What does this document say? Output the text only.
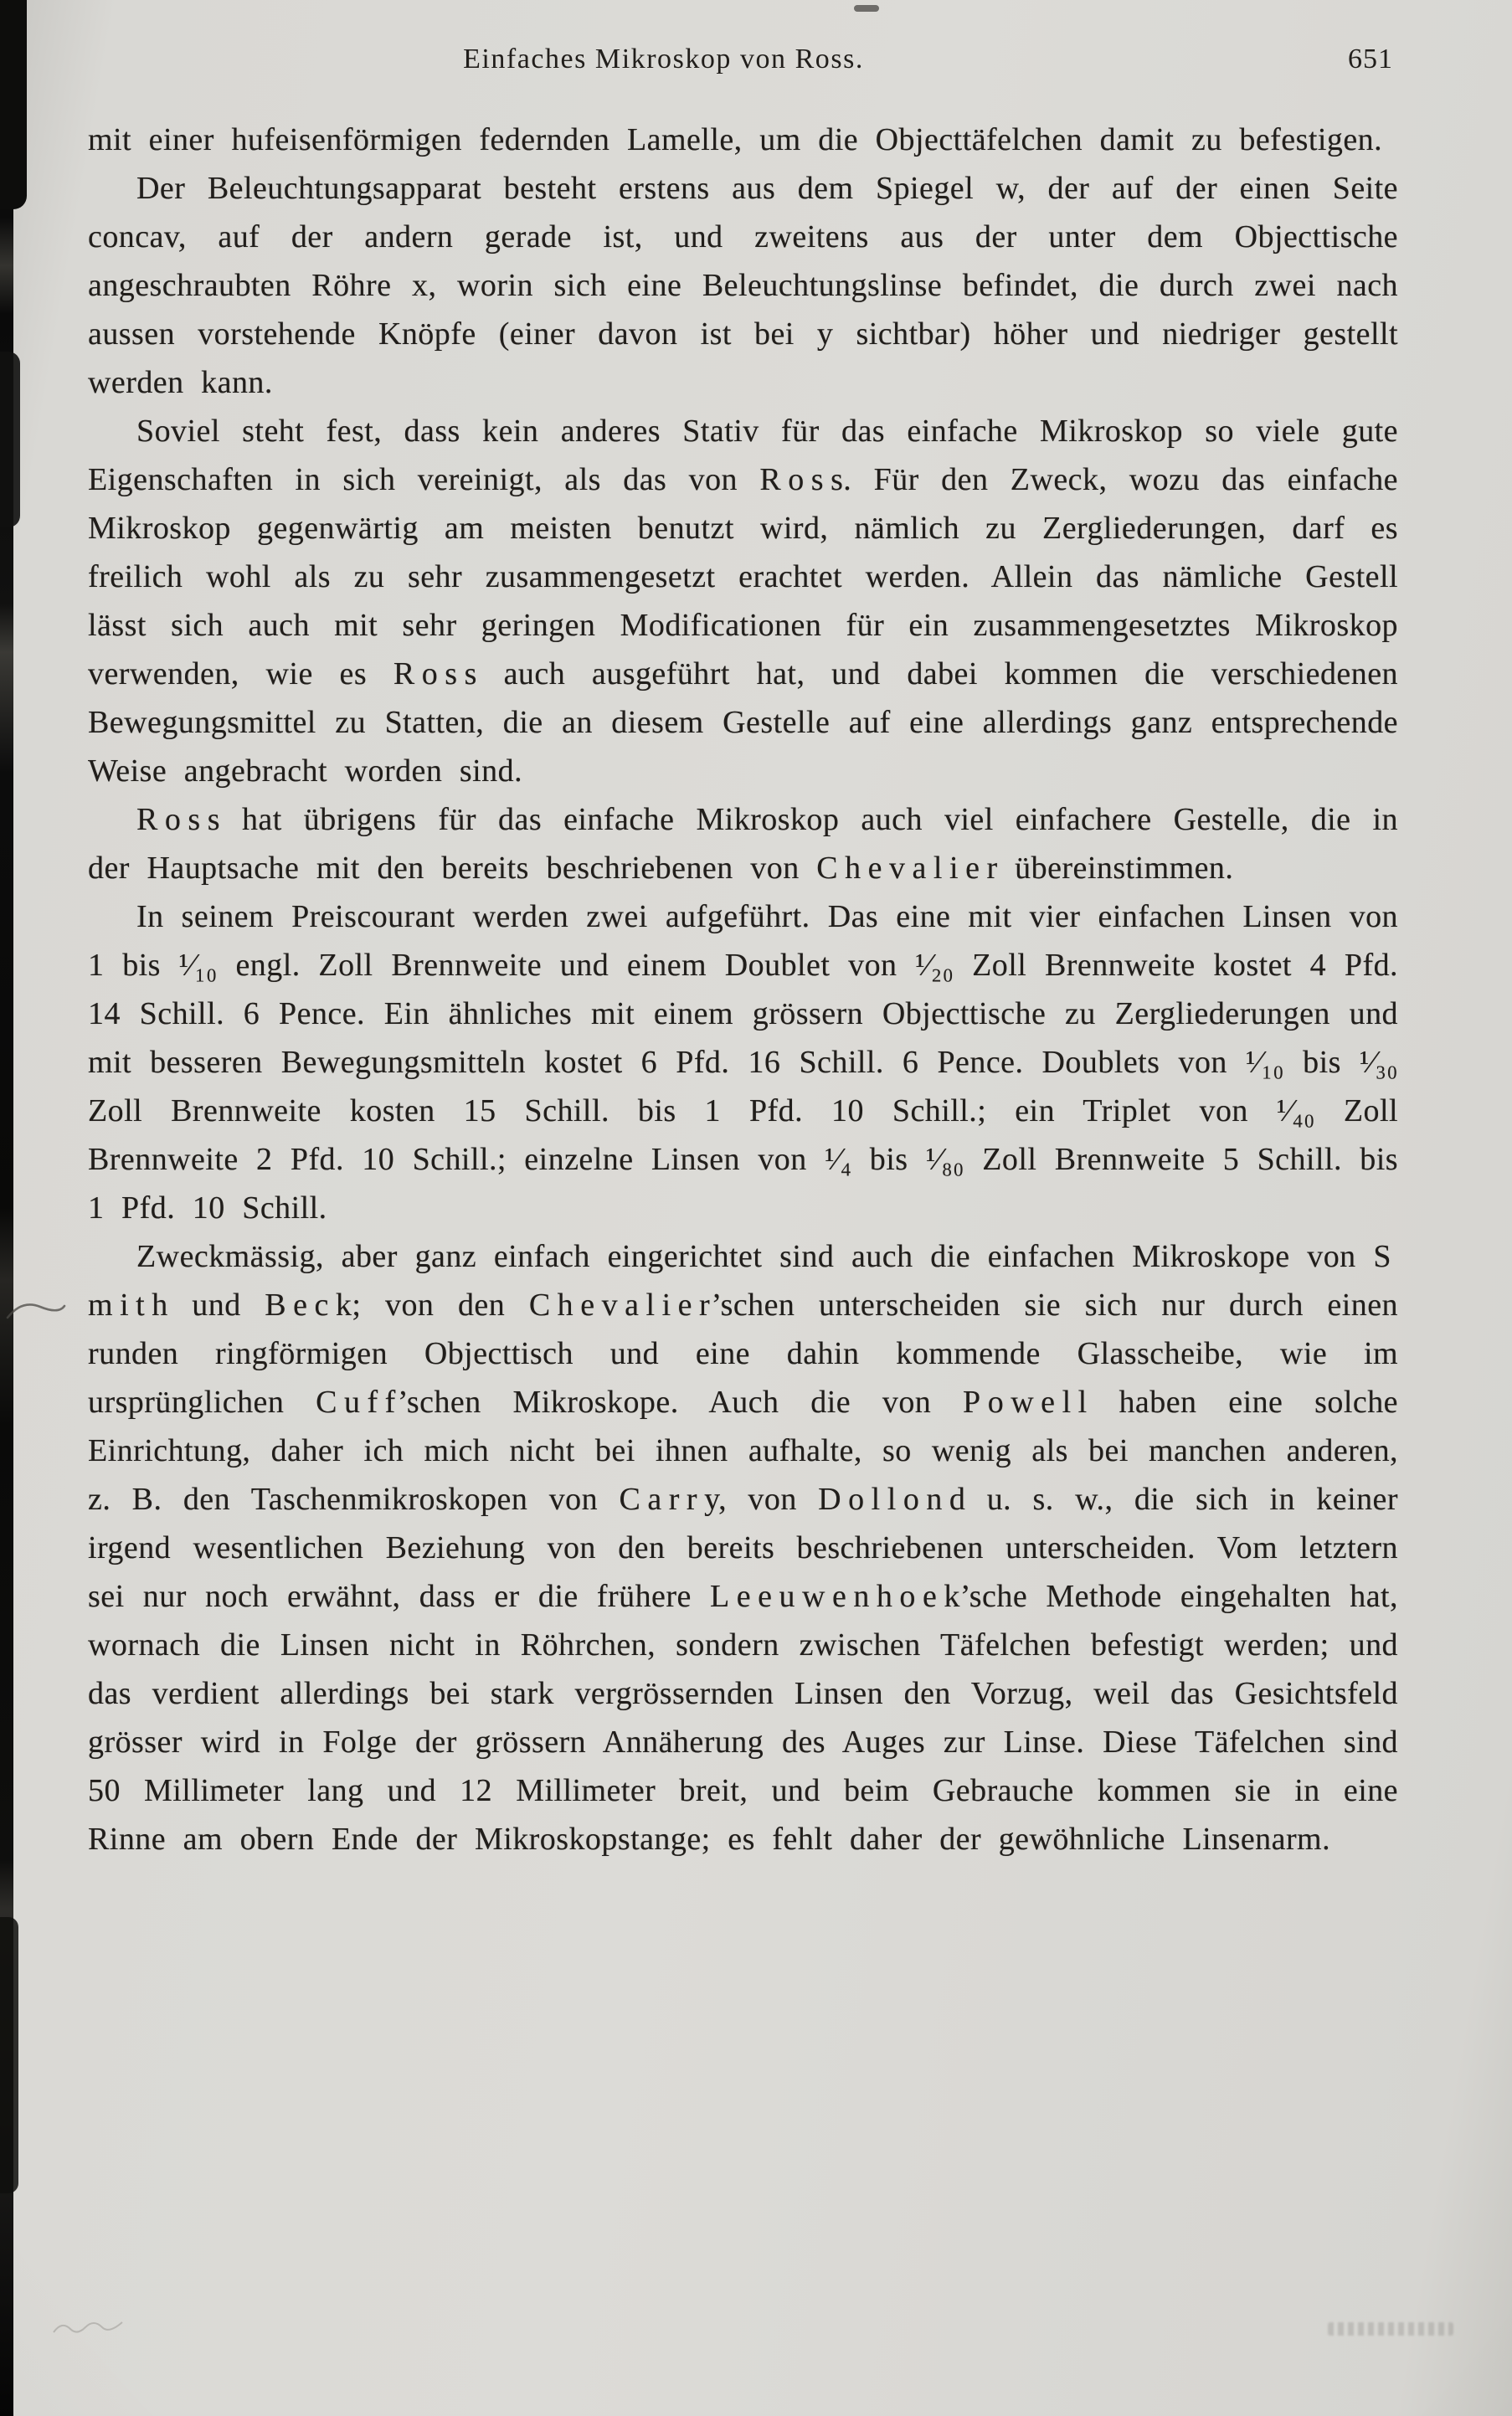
Einfaches Mikroskop von Ross.	651

mit einer hufeisenförmigen federnden Lamelle, um die Objecttäfelchen damit zu befestigen.

Der Beleuchtungsapparat besteht erstens aus dem Spiegel w, der auf der einen Seite concav, auf der andern gerade ist, und zweitens aus der unter dem Objecttische angeschraubten Röhre x, worin sich eine Beleuchtungslinse befindet, die durch zwei nach aussen vorstehende Knöpfe (einer davon ist bei y sichtbar) höher und niedriger gestellt werden kann.

Soviel steht fest, dass kein anderes Stativ für das einfache Mikroskop so viele gute Eigenschaften in sich vereinigt, als das von R o s s. Für den Zweck, wozu das einfache Mikroskop gegenwärtig am meisten benutzt wird, nämlich zu Zergliederungen, darf es freilich wohl als zu sehr zusammengesetzt erachtet werden. Allein das nämliche Gestell lässt sich auch mit sehr geringen Modificationen für ein zusammengesetztes Mikroskop verwenden, wie es R o s s auch ausgeführt hat, und dabei kommen die verschiedenen Bewegungsmittel zu Statten, die an diesem Gestelle auf eine allerdings ganz entsprechende Weise angebracht worden sind.

R o s s hat übrigens für das einfache Mikroskop auch viel einfachere Gestelle, die in der Hauptsache mit den bereits beschriebenen von C h e v a l i e r übereinstimmen.

In seinem Preiscourant werden zwei aufgeführt. Das eine mit vier einfachen Linsen von 1 bis ¹⁄₁₀ engl. Zoll Brennweite und einem Doublet von ¹⁄₂₀ Zoll Brennweite kostet 4 Pfd. 14 Schill. 6 Pence. Ein ähnliches mit einem grössern Objecttische zu Zergliederungen und mit besseren Bewegungsmitteln kostet 6 Pfd. 16 Schill. 6 Pence. Doublets von ¹⁄₁₀ bis ¹⁄₃₀ Zoll Brennweite kosten 15 Schill. bis 1 Pfd. 10 Schill.; ein Triplet von ¹⁄₄₀ Zoll Brennweite 2 Pfd. 10 Schill.; einzelne Linsen von ¹⁄₄ bis ¹⁄₈₀ Zoll Brennweite 5 Schill. bis 1 Pfd. 10 Schill.

Zweckmässig, aber ganz einfach eingerichtet sind auch die einfachen Mikroskope von S m i t h und B e c k; von den C h e v a l i e r’schen unterscheiden sie sich nur durch einen runden ringförmigen Objecttisch und eine dahin kommende Glasscheibe, wie im ursprünglichen C u f f’schen Mikroskope. Auch die von P o w e l l haben eine solche Einrichtung, daher ich mich nicht bei ihnen aufhalte, so wenig als bei manchen anderen, z. B. den Taschenmikroskopen von C a r r y, von D o l l o n d u. s. w., die sich in keiner irgend wesentlichen Beziehung von den bereits beschriebenen unterscheiden. Vom letztern sei nur noch erwähnt, dass er die frühere L e e u w e n h o e k’sche Methode eingehalten hat, wornach die Linsen nicht in Röhrchen, sondern zwischen Täfelchen befestigt werden; und das verdient allerdings bei stark vergrössernden Linsen den Vorzug, weil das Gesichtsfeld grösser wird in Folge der grössern Annäherung des Auges zur Linse. Diese Täfelchen sind 50 Millimeter lang und 12 Millimeter breit, und beim Gebrauche kommen sie in eine Rinne am obern Ende der Mikroskopstange; es fehlt daher der gewöhnliche Linsenarm.
